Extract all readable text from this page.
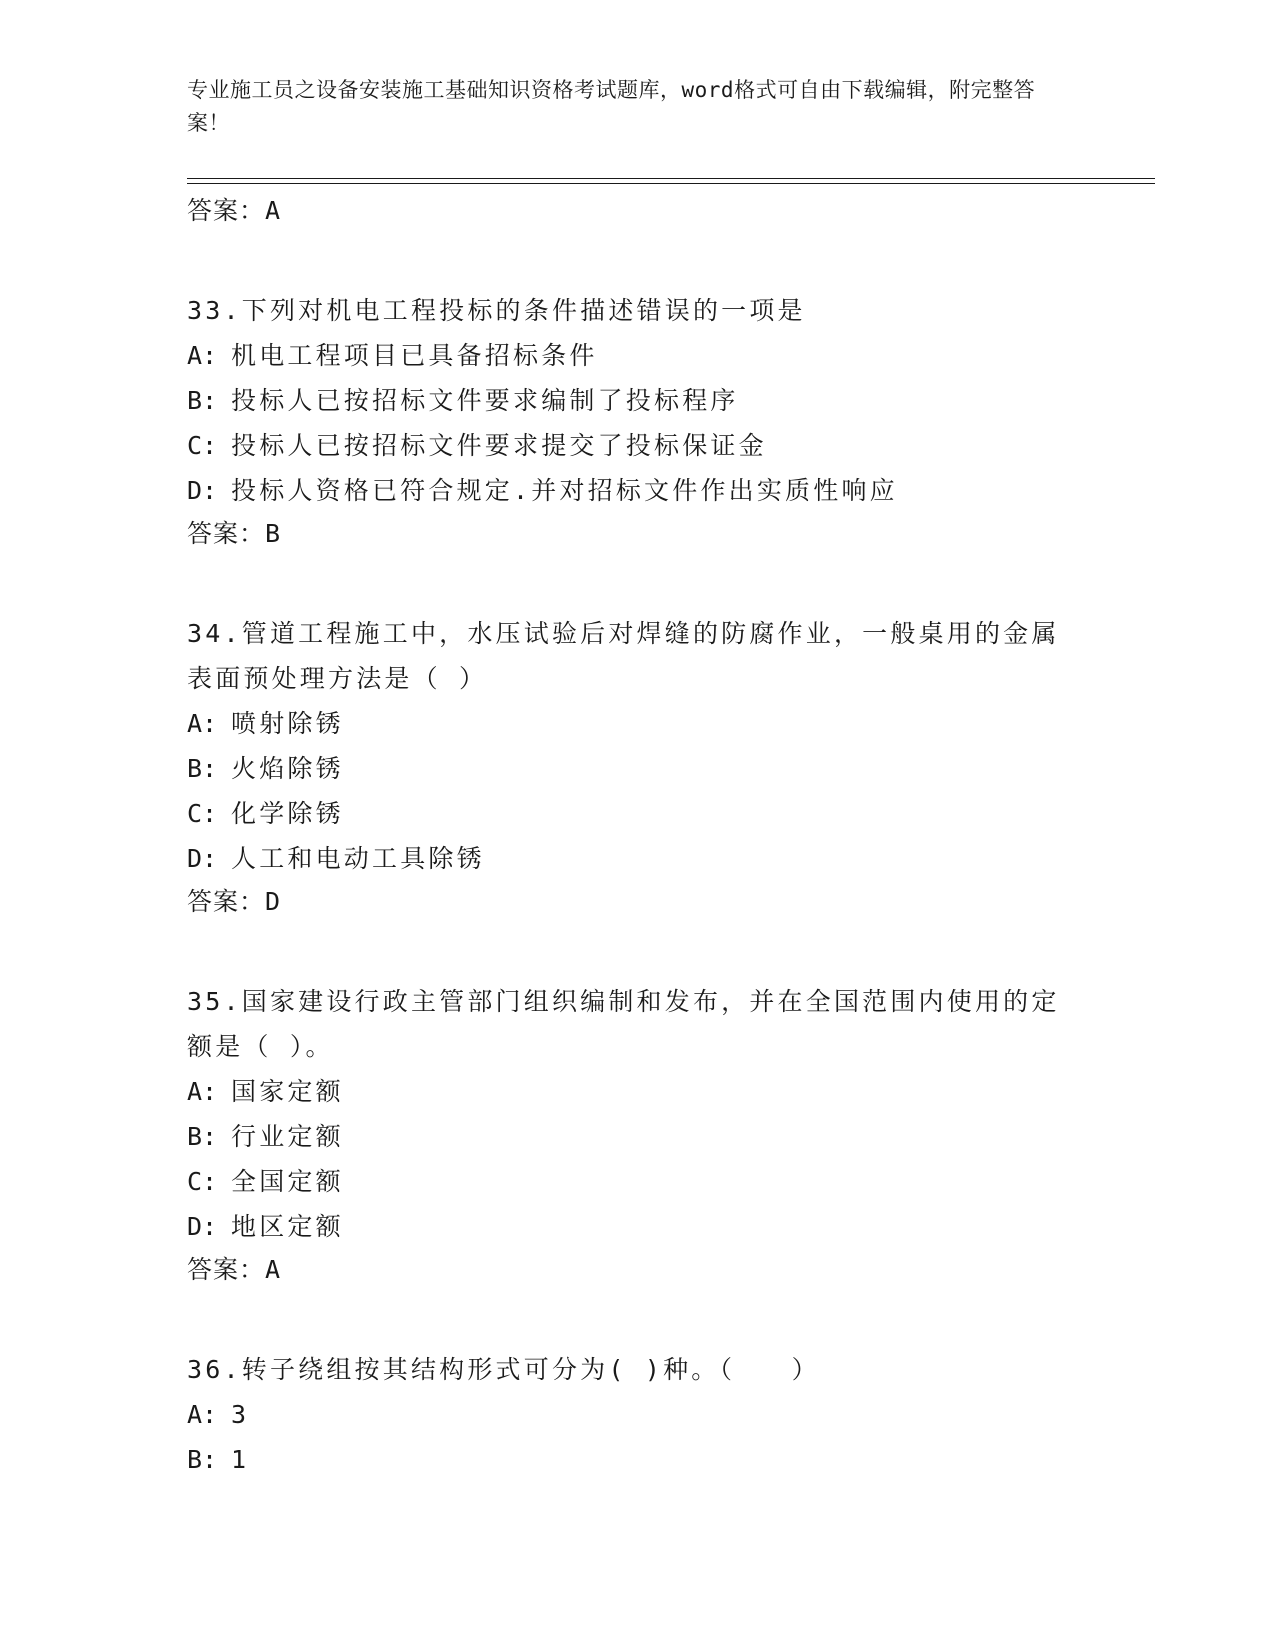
专业施工员之设备安装施工基础知识资格考试题库，word格式可自由下载编辑，附完整答案！
答案：A
33.下列对机电工程投标的条件描述错误的一项是
A: 机电工程项目已具备招标条件
B: 投标人已按招标文件要求编制了投标程序
C: 投标人已按招标文件要求提交了投标保证金
D: 投标人资格已符合规定.并对招标文件作出实质性响应
答案：B
34.管道工程施工中，水压试验后对焊缝的防腐作业，一般桌用的金属表面预处理方法是（ ）
A: 喷射除锈
B: 火焰除锈
C: 化学除锈
D: 人工和电动工具除锈
答案：D
35.国家建设行政主管部门组织编制和发布，并在全国范围内使用的定额是（ ）。
A: 国家定额
B: 行业定额
C: 全国定额
D: 地区定额
答案：A
36.转子绕组按其结构形式可分为( )种。（　　）
A: 3
B: 1
